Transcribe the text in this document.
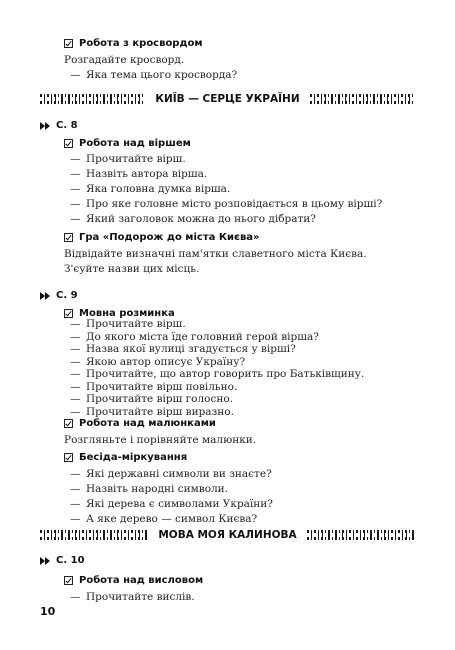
Робота з кросвордом
Розгадайте кросворд.
— Яка тема цього кросворда?
КИЇВ — СЕРЦЕ УКРАЇНИ
С. 8
Робота над віршем
— Прочитайте вірш.
— Назвіть автора вірша.
— Яка головна думка вірша.
— Про яке головне місто розповідається в цьому вірші?
— Який заголовок можна до нього дібрати?
Гра «Подорож до міста Києва»
Відвідайте визначні пам'ятки славетного міста Києва.
З'єуйте назви цих місць.
С. 9
Мовна розминка
— Прочитайте вірш.
— До якого міста їде головний герой вірша?
— Назва якої вулиці згадується у вірші?
— Якою автор описує Україну?
— Прочитайте, що автор говорить про Батьківщину.
— Прочитайте вірш повільно.
— Прочитайте вірш голосно.
— Прочитайте вірш виразно.
Робота над малюнками
Розгляньте і порівняйте малюнки.
Бесіда-міркування
— Які державні символи ви знаєте?
— Назвіть народні символи.
— Які дерева є символами України?
— А яке дерево — символ Києва?
МОВА МОЯ КАЛИНОВА
С. 10
Робота над висловом
— Прочитайте вислів.
10
